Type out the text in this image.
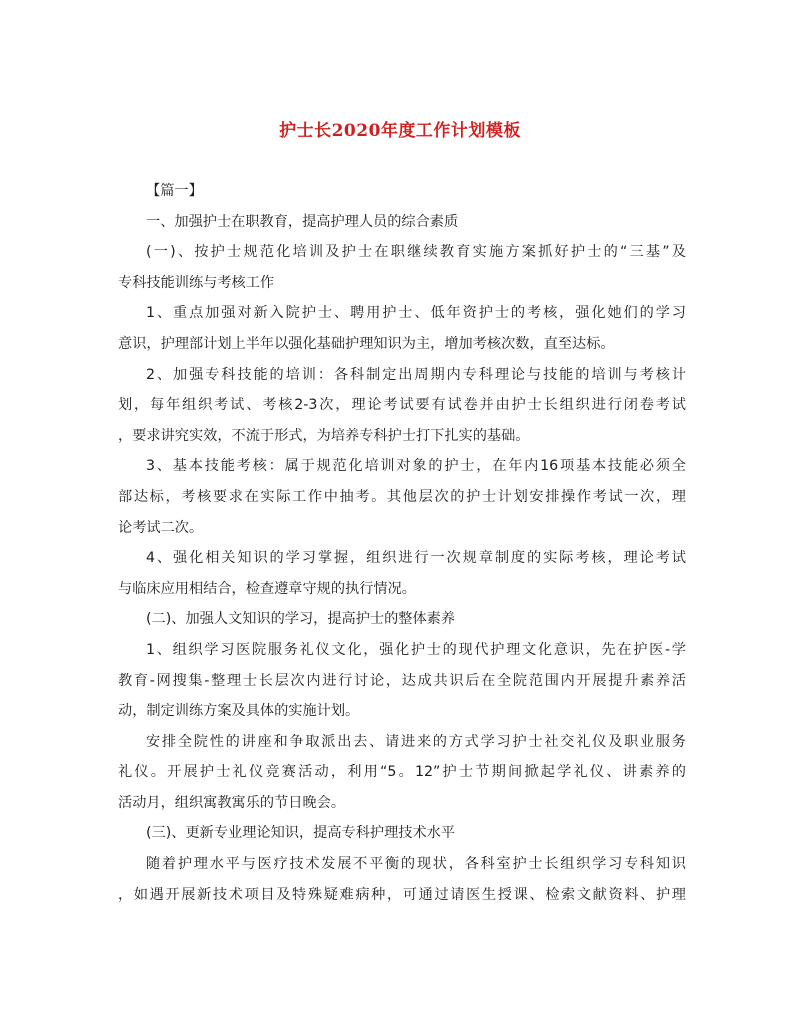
护士长2020年度工作计划模板
【篇一】
一、加强护士在职教育，提高护理人员的综合素质
(一)、按护士规范化培训及护士在职继续教育实施方案抓好护士的“三基”及
专科技能训练与考核工作
1、重点加强对新入院护士、聘用护士、低年资护士的考核，强化她们的学习
意识，护理部计划上半年以强化基础护理知识为主，增加考核次数，直至达标。
2、加强专科技能的培训：各科制定出周期内专科理论与技能的培训与考核计
划，每年组织考试、考核2-3次，理论考试要有试卷并由护士长组织进行闭卷考试
，要求讲究实效，不流于形式，为培养专科护士打下扎实的基础。
3、基本技能考核：属于规范化培训对象的护士，在年内16项基本技能必须全
部达标，考核要求在实际工作中抽考。其他层次的护士计划安排操作考试一次，理
论考试二次。
4、强化相关知识的学习掌握，组织进行一次规章制度的实际考核，理论考试
与临床应用相结合，检查遵章守规的执行情况。
(二)、加强人文知识的学习，提高护士的整体素养
1、组织学习医院服务礼仪文化，强化护士的现代护理文化意识，先在护医-学
教育-网搜集-整理士长层次内进行讨论，达成共识后在全院范围内开展提升素养活
动，制定训练方案及具体的实施计划。
安排全院性的讲座和争取派出去、请进来的方式学习护士社交礼仪及职业服务
礼仪。开展护士礼仪竞赛活动，利用“5。12”护士节期间掀起学礼仪、讲素养的
活动月，组织寓教寓乐的节日晚会。
(三)、更新专业理论知识，提高专科护理技术水平
随着护理水平与医疗技术发展不平衡的现状，各科室护士长组织学习专科知识
，如遇开展新技术项目及特殊疑难病种，可通过请医生授课、检索文献资料、护理
